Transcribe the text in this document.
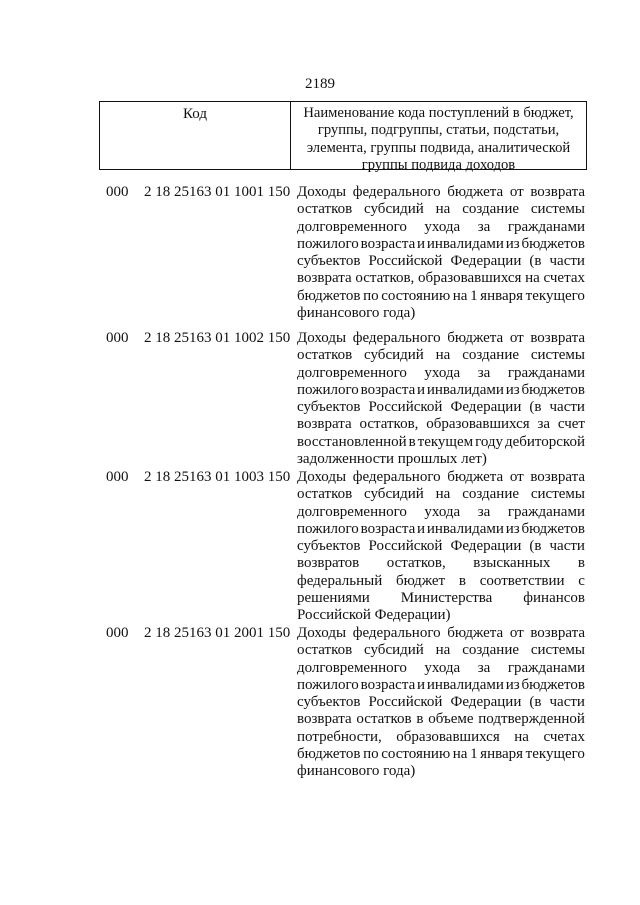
2189
Код	Наименование кода поступлений в бюджет, группы, подгруппы, статьи, подстатьи, элемента, группы подвида, аналитической группы подвида доходов
000 2 18 25163 01 1001 150 Доходы федерального бюджета от возврата
остатков субсидий на создание системы
долговременного ухода за гражданами
пожилого возраста и инвалидами из бюджетов
субъектов Российской Федерации (в части
возврата остатков, образовавшихся на счетах
бюджетов по состоянию на 1 января текущего
финансового года)
000 2 18 25163 01 1002 150 Доходы федерального бюджета от возврата
остатков субсидий на создание системы
долговременного ухода за гражданами
пожилого возраста и инвалидами из бюджетов
субъектов Российской Федерации (в части
возврата остатков, образовавшихся за счет
восстановленной в текущем году дебиторской
задолженности прошлых лет)
000 2 18 25163 01 1003 150 Доходы федерального бюджета от возврата
остатков субсидий на создание системы
долговременного ухода за гражданами
пожилого возраста и инвалидами из бюджетов
субъектов Российской Федерации (в части
возвратов остатков, взысканных в
федеральный бюджет в соответствии с
решениями Министерства финансов
Российской Федерации)
000 2 18 25163 01 2001 150 Доходы федерального бюджета от возврата
остатков субсидий на создание системы
долговременного ухода за гражданами
пожилого возраста и инвалидами из бюджетов
субъектов Российской Федерации (в части
возврата остатков в объеме подтвержденной
потребности, образовавшихся на счетах
бюджетов по состоянию на 1 января текущего
финансового года)
